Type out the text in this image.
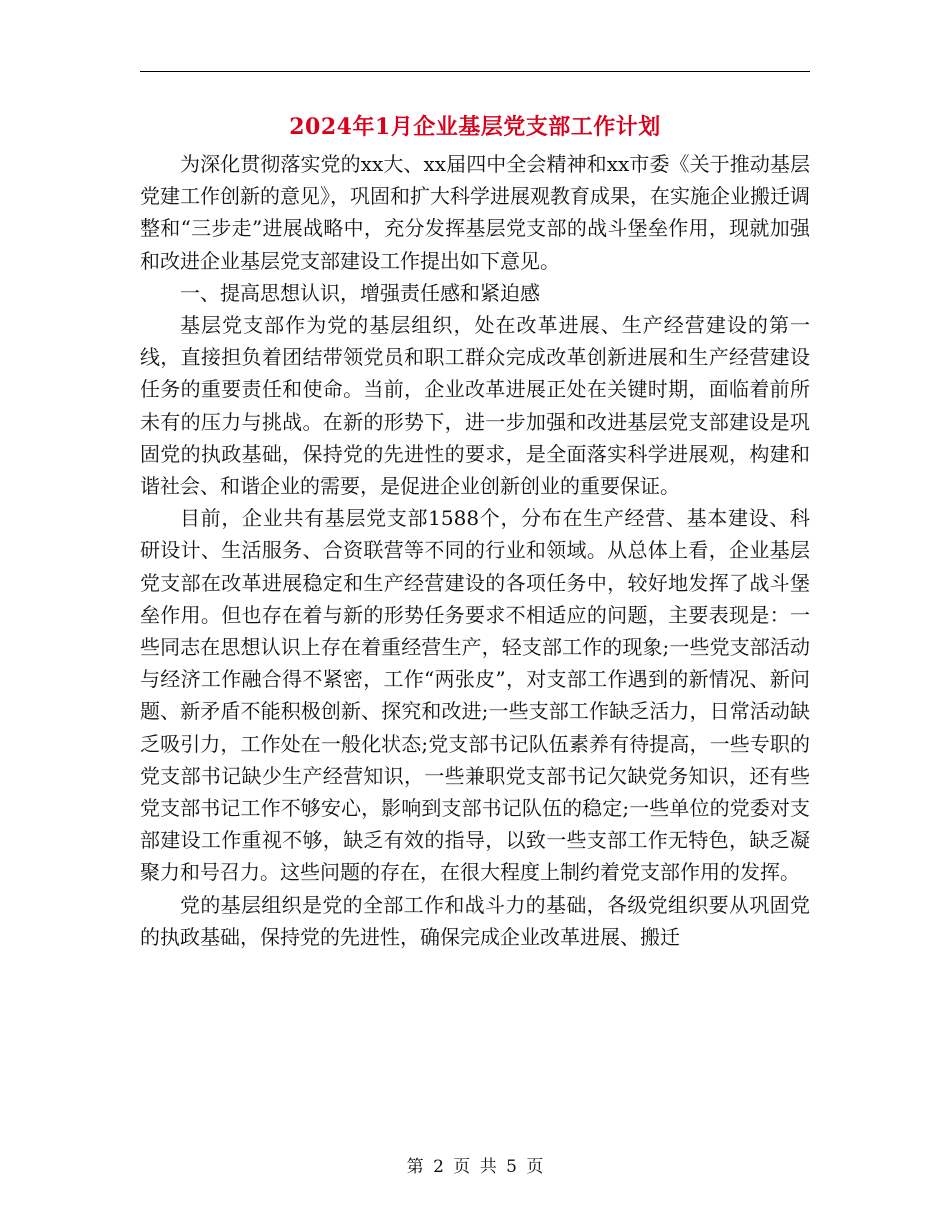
2024年1月企业基层党支部工作计划

为深化贯彻落实党的xx大、xx届四中全会精神和xx市委《关于推动基层党建工作创新的意见》，巩固和扩大科学进展观教育成果，在实施企业搬迁调整和“三步走”进展战略中，充分发挥基层党支部的战斗堡垒作用，现就加强和改进企业基层党支部建设工作提出如下意见。

一、提高思想认识，增强责任感和紧迫感

基层党支部作为党的基层组织，处在改革进展、生产经营建设的第一线，直接担负着团结带领党员和职工群众完成改革创新进展和生产经营建设任务的重要责任和使命。当前，企业改革进展正处在关键时期，面临着前所未有的压力与挑战。在新的形势下，进一步加强和改进基层党支部建设是巩固党的执政基础，保持党的先进性的要求，是全面落实科学进展观，构建和谐社会、和谐企业的需要，是促进企业创新创业的重要保证。

目前，企业共有基层党支部1588个，分布在生产经营、基本建设、科研设计、生活服务、合资联营等不同的行业和领域。从总体上看，企业基层党支部在改革进展稳定和生产经营建设的各项任务中，较好地发挥了战斗堡垒作用。但也存在着与新的形势任务要求不相适应的问题，主要表现是：一些同志在思想认识上存在着重经营生产，轻支部工作的现象;一些党支部活动与经济工作融合得不紧密，工作“两张皮”，对支部工作遇到的新情况、新问题、新矛盾不能积极创新、探究和改进;一些支部工作缺乏活力，日常活动缺乏吸引力，工作处在一般化状态;党支部书记队伍素养有待提高，一些专职的党支部书记缺少生产经营知识，一些兼职党支部书记欠缺党务知识，还有些党支部书记工作不够安心，影响到支部书记队伍的稳定;一些单位的党委对支部建设工作重视不够，缺乏有效的指导，以致一些支部工作无特色，缺乏凝聚力和号召力。这些问题的存在，在很大程度上制约着党支部作用的发挥。

党的基层组织是党的全部工作和战斗力的基础，各级党组织要从巩固党的执政基础，保持党的先进性，确保完成企业改革进展、搬迁

第 2 页 共 5 页
